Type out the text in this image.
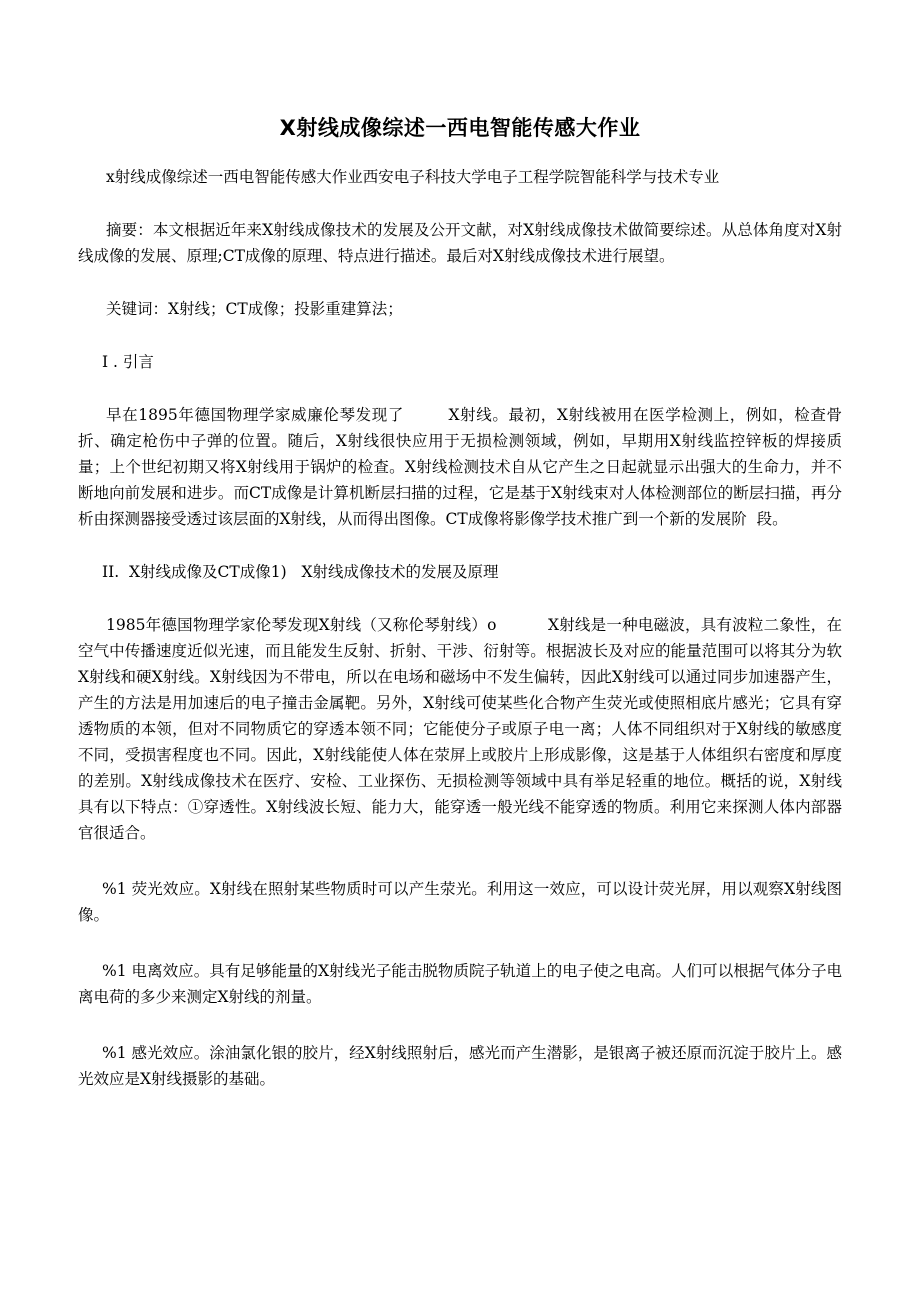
X射线成像综述一西电智能传感大作业

x射线成像综述一西电智能传感大作业西安电子科技大学电子工程学院智能科学与技术专业

摘要：本文根据近年来X射线成像技术的发展及公开文献，对X射线成像技术做简要综述。从总体角度对X射线成像的发展、原理;CT成像的原理、特点进行描述。最后对X射线成像技术进行展望。

关键词：X射线；CT成像；投影重建算法；

I . 引言

早在1895年德国物理学家威廉伦琴发现了        X射线。最初，X射线被用在医学检测上，例如，检查骨折、确定枪伤中子弹的位置。随后，X射线很快应用于无损检测领域，例如，早期用X射线监控锌板的焊接质量；上个世纪初期又将X射线用于锅炉的检查。X射线检测技术自从它产生之日起就显示出强大的生命力，并不断地向前发展和进步。而CT成像是计算机断层扫描的过程，它是基于X射线束对人体检测部位的断层扫描，再分析由探测器接受透过该层面的X射线，从而得出图像。CT成像将影像学技术推广到一个新的发展阶  段。

II.  X射线成像及CT成像1)   X射线成像技术的发展及原理

1985年德国物理学家伦琴发现X射线（又称伦琴射线）o          X射线是一种电磁波，具有波粒二象性，在空气中传播速度近似光速，而且能发生反射、折射、干涉、衍射等。根据波长及对应的能量范围可以将其分为软X射线和硬X射线。X射线因为不带电，所以在电场和磁场中不发生偏转，因此X射线可以通过同步加速器产生，产生的方法是用加速后的电子撞击金属靶。另外，X射线可使某些化合物产生荧光或使照相底片感光；它具有穿透物质的本领，但对不同物质它的穿透本领不同；它能使分子或原子电一离；人体不同组织对于X射线的敏感度不同，受损害程度也不同。因此，X射线能使人体在荥屏上或胶片上形成影像，这是基于人体组织右密度和厚度的差别。X射线成像技术在医疗、安检、工业探伤、无损检测等领域中具有举足轻重的地位。概括的说，X射线具有以下特点：①穿透性。X射线波长短、能力大，能穿透一般光线不能穿透的物质。利用它来探测人体内部器官很适合。

%1 荧光效应。X射线在照射某些物质时可以产生荥光。利用这一效应，可以设计荧光屏，用以观察X射线图像。

%1 电离效应。具有足够能量的X射线光子能击脱物质院子轨道上的电子使之电高。人们可以根据气体分子电离电荷的多少来测定X射线的剂量。

%1 感光效应。涂油氯化银的胶片，经X射线照射后，感光而产生潜影，是银离子被还原而沉淀于胶片上。感光效应是X射线摄影的基础。
